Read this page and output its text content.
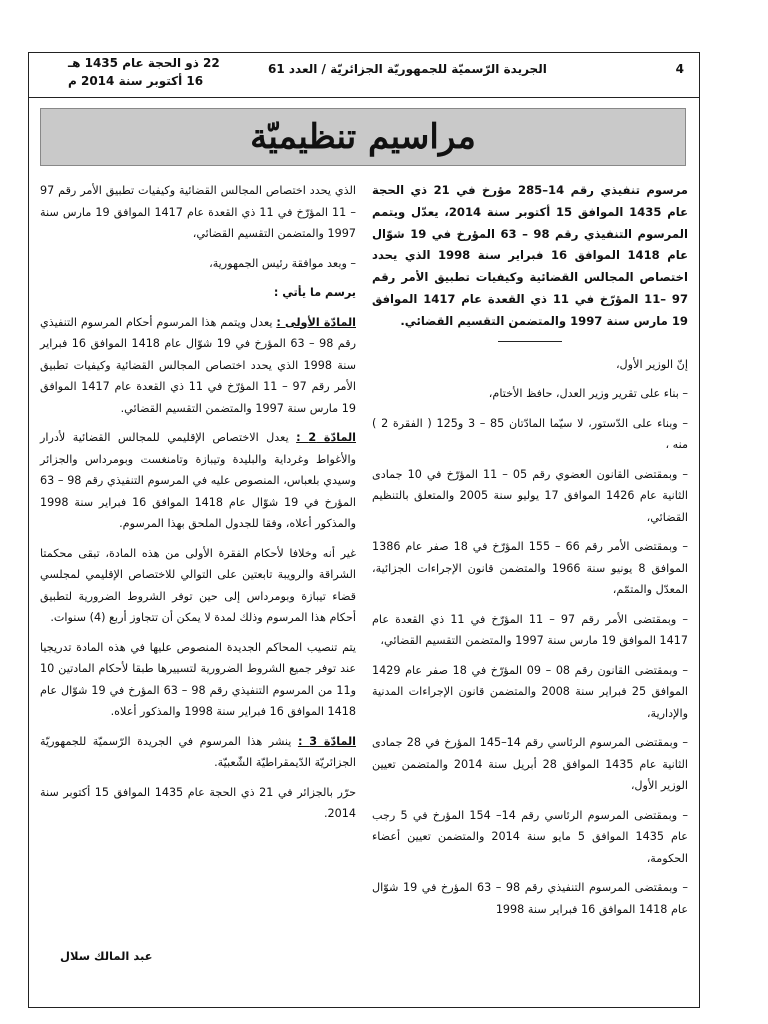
4
الجريدة الرّسميّة للجمهوريّة الجزائريّة / العدد 61
22 ذو الحجة عام 1435 هـ
16 أكتوبر سنة 2014 م
مراسيم تنظيميّة

مرسوم تنفيذي رقم 14–285 مؤرخ في 21 ذي الحجة عام 1435 الموافق 15 أكتوبر سنة 2014، يعدّل ويتمم المرسوم التنفيذي رقم 98 – 63 المؤرخ في 19 شوّال عام 1418 الموافق 16 فبراير سنة 1998 الذي يحدد اختصاص المجالس القضائية وكيفيات تطبيق الأمر رقم 97 –11 المؤرّخ في 11 ذي القعدة عام 1417 الموافق 19 مارس سنة 1997 والمتضمن التقسيم القضائي.

إنّ الوزير الأول،

– بناء على تقرير وزير العدل، حافظ الأختام،

– وبناء على الدّستور، لا سيّما المادّتان 85 – 3 و125 ( الفقرة 2 ) منه ،

– وبمقتضى القانون العضوي رقم 05 – 11 المؤرّخ في 10 جمادى الثانية عام 1426 الموافق 17 يوليو سنة 2005 والمتعلق بالتنظيم القضائي،

– وبمقتضى الأمر رقم 66 – 155 المؤرّخ في 18 صفر عام 1386 الموافق 8 يونيو سنة 1966 والمتضمن قانون الإجراءات الجزائية، المعدّل والمتمّم،

– وبمقتضى الأمر رقم 97 – 11 المؤرّخ في 11 ذي القعدة عام 1417 الموافق 19 مارس سنة 1997 والمتضمن التقسيم القضائي،

– وبمقتضى القانون رقم 08 – 09 المؤرّخ في 18 صفر عام 1429 الموافق 25 فبراير سنة 2008 والمتضمن قانون الإجراءات المدنية والإدارية،

– وبمقتضى المرسوم الرئاسي رقم 14–145 المؤرخ في 28 جمادى الثانية عام 1435 الموافق 28 أبريل سنة 2014 والمتضمن تعيين الوزير الأول،

– وبمقتضى المرسوم الرئاسي رقم 14– 154 المؤرخ في 5 رجب عام 1435 الموافق 5 مايو سنة 2014 والمتضمن تعيين أعضاء الحكومة،

– وبمقتضى المرسوم التنفيذي رقم 98 – 63 المؤرخ في 19 شوّال عام 1418 الموافق 16 فبراير سنة 1998

الذي يحدد اختصاص المجالس القضائية وكيفيات تطبيق الأمر رقم 97 – 11 المؤرّخ في 11 ذي القعدة عام 1417 الموافق 19 مارس سنة 1997 والمتضمن التقسيم القضائي،

– وبعد موافقة رئيس الجمهورية،

يرسم ما يأتي :

المادّة الأولى : يعدل ويتمم هذا المرسوم أحكام المرسوم التنفيذي رقم 98 – 63 المؤرخ في 19 شوّال عام 1418 الموافق 16 فبراير سنة 1998 الذي يحدد اختصاص المجالس القضائية وكيفيات تطبيق الأمر رقم 97 – 11 المؤرّخ في 11 ذي القعدة عام 1417 الموافق 19 مارس سنة 1997 والمتضمن التقسيم القضائي.

المادّة 2 : يعدل الاختصاص الإقليمي للمجالس القضائية لأدرار والأغواط وغرداية والبليدة وتيبازة وتامنغست وبومرداس والجزائر وسيدي بلعباس، المنصوص عليه في المرسوم التنفيذي رقم 98 – 63 المؤرخ في 19 شوّال عام 1418 الموافق 16 فبراير سنة 1998 والمذكور أعلاه، وفقا للجدول الملحق بهذا المرسوم.

غير أنه وخلافا لأحكام الفقرة الأولى من هذه المادة، تبقى محكمتا الشراقة والرويبة تابعتين على التوالي للاختصاص الإقليمي لمجلسي قضاء تيبازة وبومرداس إلى حين توفر الشروط الضرورية لتطبيق أحكام هذا المرسوم وذلك لمدة لا يمكن أن تتجاوز أربع (4) سنوات.

يتم تنصيب المحاكم الجديدة المنصوص عليها في هذه المادة تدريجيا عند توفر جميع الشروط الضرورية لتسييرها طبقا لأحكام المادتين 10 و11 من المرسوم التنفيذي رقم 98 – 63 المؤرخ في 19 شوّال عام 1418 الموافق 16 فبراير سنة 1998 والمذكور أعلاه.

المادّة 3 : ينشر هذا المرسوم في الجريدة الرّسميّة للجمهوريّة الجزائريّة الدّيمقراطيّة الشّعبيّة.

حرّر بالجزائر في 21 ذي الحجة عام 1435 الموافق 15 أكتوبر سنة 2014.

عبد المالك سلال
